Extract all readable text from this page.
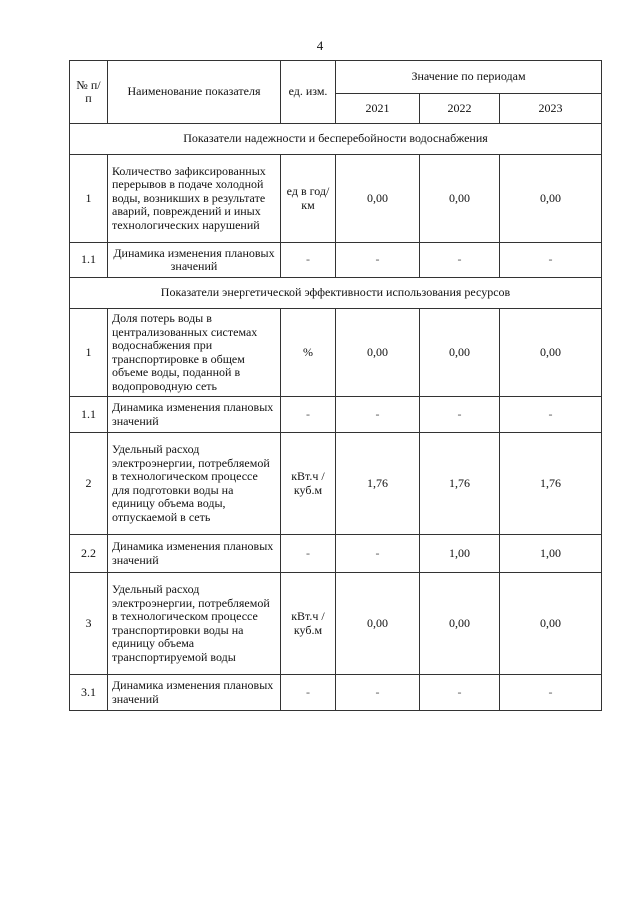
4
№ п/п	Наименование показателя	ед. изм.	Значение по периодам		
			2021	2022	2023
Показатели надежности и бесперебойности водоснабжения					
1	Количество зафиксированных перерывов в подаче холодной воды, возникших в результате аварий, повреждений и иных технологических нарушений	ед в год/ км	0,00	0,00	0,00
1.1	Динамика изменения плановых значений	-	-	-	-
Показатели энергетической эффективности использования ресурсов					
1	Доля потерь воды в централизованных системах водоснабжения при транспортировке в общем объеме воды, поданной в водопроводную сеть	%	0,00	0,00	0,00
1.1	Динамика изменения плановых значений	-	-	-	-
2	Удельный расход электроэнергии, потребляемой в технологическом процессе для подготовки воды на единицу объема воды, отпускаемой в сеть	кВт.ч / куб.м	1,76	1,76	1,76
2.2	Динамика изменения плановых значений	-	-	1,00	1,00
3	Удельный расход электроэнергии, потребляемой в технологическом процессе транспортировки воды на единицу объема транспортируемой воды	кВт.ч / куб.м	0,00	0,00	0,00
3.1	Динамика изменения плановых значений	-	-	-	-
